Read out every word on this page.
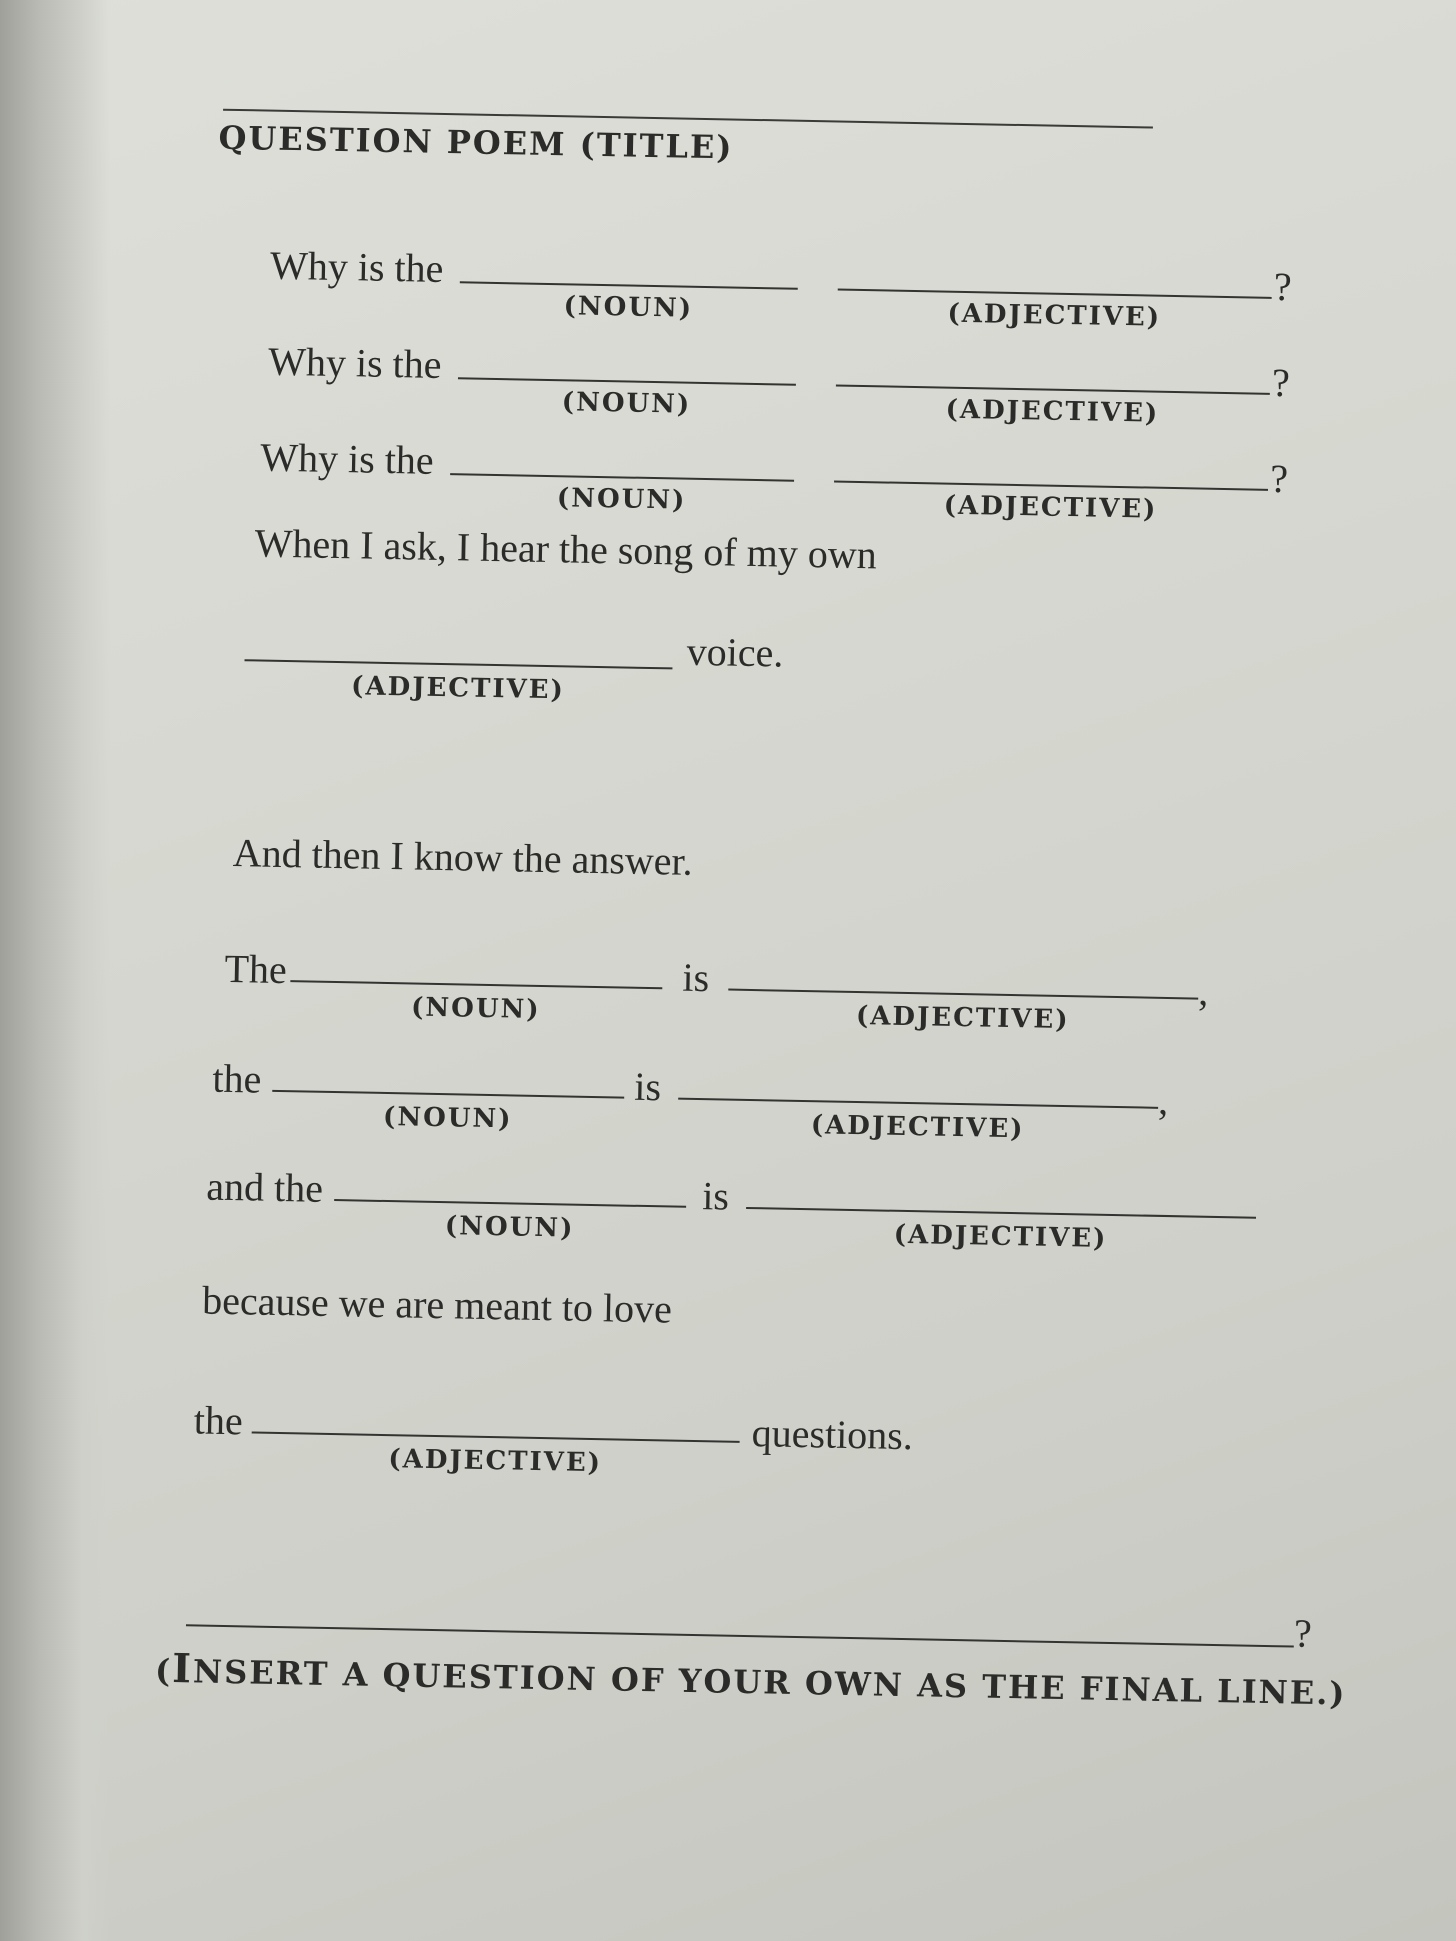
QUESTION POEM (TITLE)
Why is the
(NOUN)	(ADJECTIVE)
?
Why is the
(NOUN)	(ADJECTIVE)
?
Why is the
(NOUN)	(ADJECTIVE)
?
When I ask, I hear the song of my own
(ADJECTIVE)
voice.
And then I know the answer.
The
(NOUN)
is
(ADJECTIVE)
,
the
(NOUN)
is
(ADJECTIVE)
,
and the
(NOUN)
is
(ADJECTIVE)
because we are meant to love
the
(ADJECTIVE)
questions.
?
(INSERT A QUESTION OF YOUR OWN AS THE FINAL LINE.)
